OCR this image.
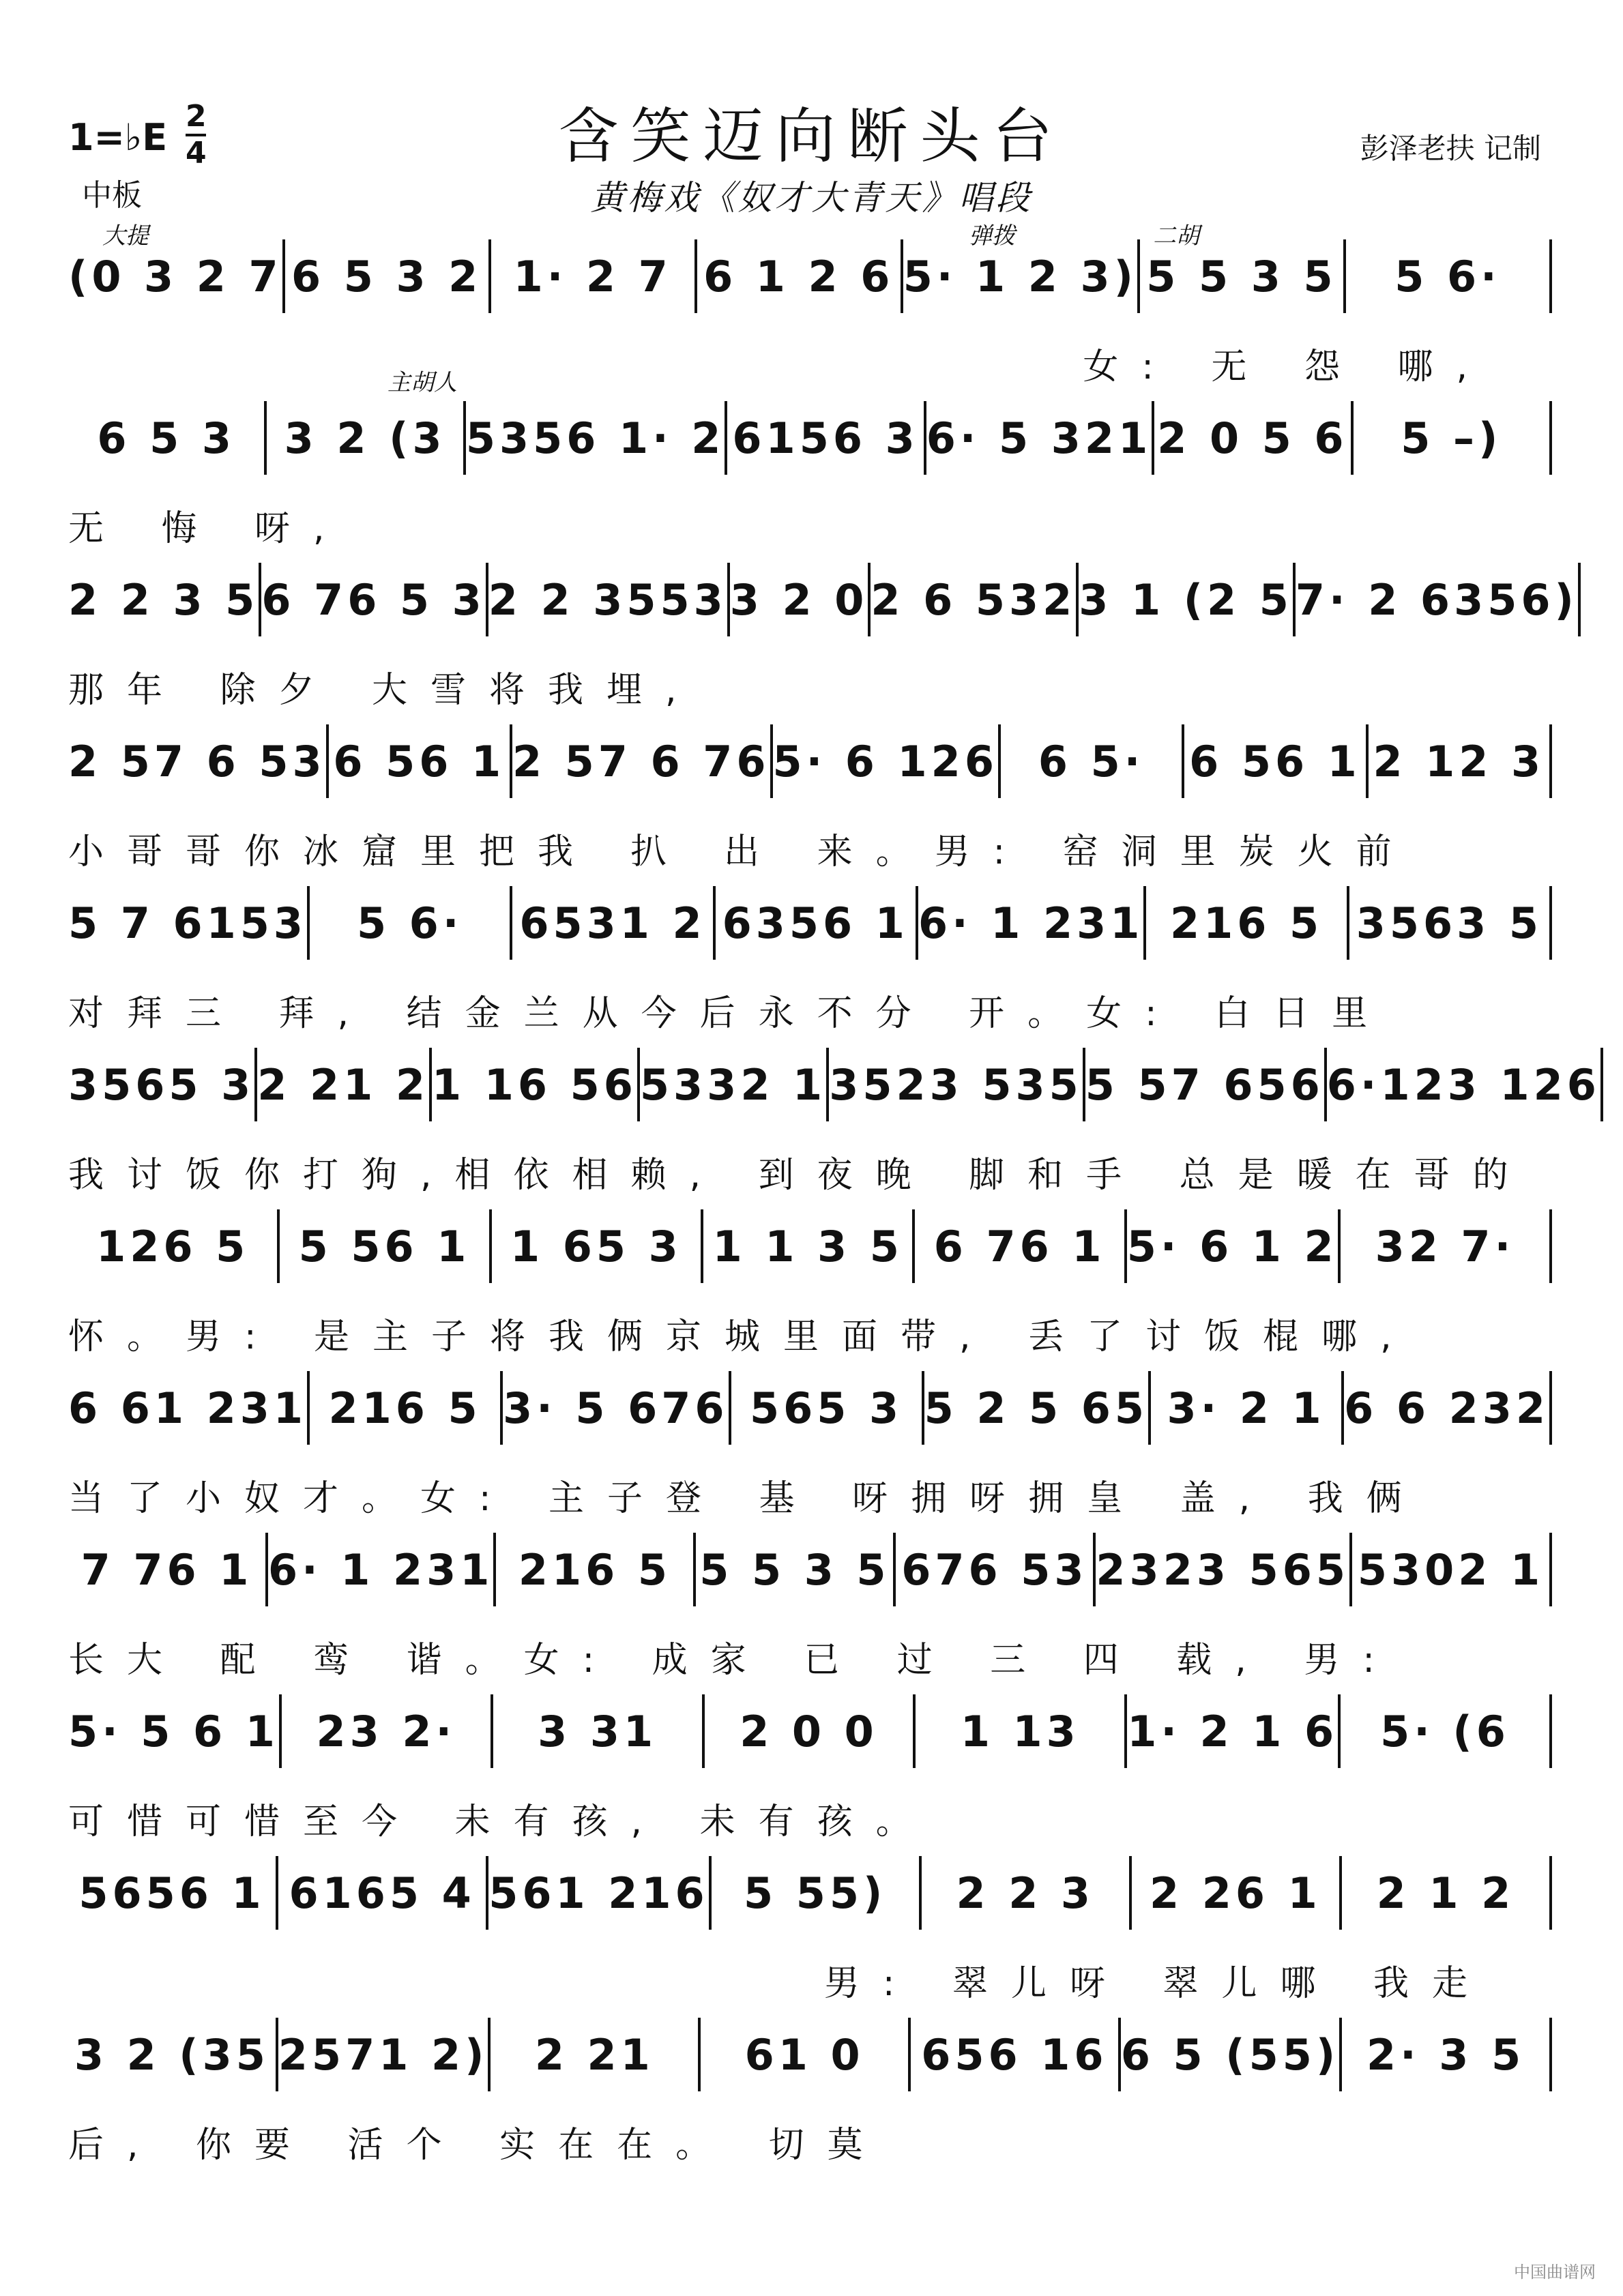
1=♭E 2
4
中板
含笑迈向断头台
黄梅戏《奴才大青天》唱段
彭泽老扶 记制
大提	弹拨	二胡
主胡人
(0 3 2 7 6 5 3 2 1· 2 7 6 1 2 6 5· 1 2 3) 5 5 3 5	5 6·
女: 无 怨 哪,
6 5 3	3 2 (3 5356 1· 2 6156 3 6· 5 321 2 0 5 6	5 –)
无 悔 呀,
2 2 3 5 6 76 5 3 2 2 3553 3 2 0 2 6 532 3 1 (2 5 7· 2 6356)
那年 除夕 大雪将我埋,
2 57 6 53 6 56 1 2 57 6 76 5· 6 126 6 5·	6 56 1 2 12 3
小哥哥你冰窟里把我 扒 出 来。男: 窑洞里炭火前
5 7 6153	5 6·	6531 2 6356 1 6· 1 231 216 5 3563 5
对拜三 拜, 结金兰从今后永不分 开。女: 白日里
3565 3 2 21 2 1 16 56 5332 1 3523 535 5 57 656 6·123 126
我讨饭你打狗,相依相赖, 到夜晚 脚和手 总是暖在哥的
126 5	5 56 1 1 65 3 1 1 3 5 6 76 1 5· 6 1 2 32 7·
怀。男: 是主子将我俩京城里面带, 丢了讨饭棍哪,
6 61 231 216 5 3· 5 676 565 3 5 2 5 65 3· 2 1 6 6 232
当了小奴才。女: 主子登 基 呀拥呀拥皇 盖, 我俩
7 76 1 6· 1 231 216 5 5 5 3 5 676 53 2323 565 5302 1
长大 配 鸾 谐。女: 成家 已 过 三 四 载, 男:
5· 5 6 1 23 2·	3 31	2 0 0	1 13	1· 2 1 6	5· (6
可惜可惜至今 未有孩, 未有孩。
5656 1 6165 4 561 216 5 55)	2 2 3	2 26 1	2 1 2
男: 翠儿呀 翠儿哪 我走
3 2 (35 2571 2)	2 21	61 0	656 16 6 5 (55) 2· 3 5
后, 你要 活个 实在在。 切莫
中国曲谱网
